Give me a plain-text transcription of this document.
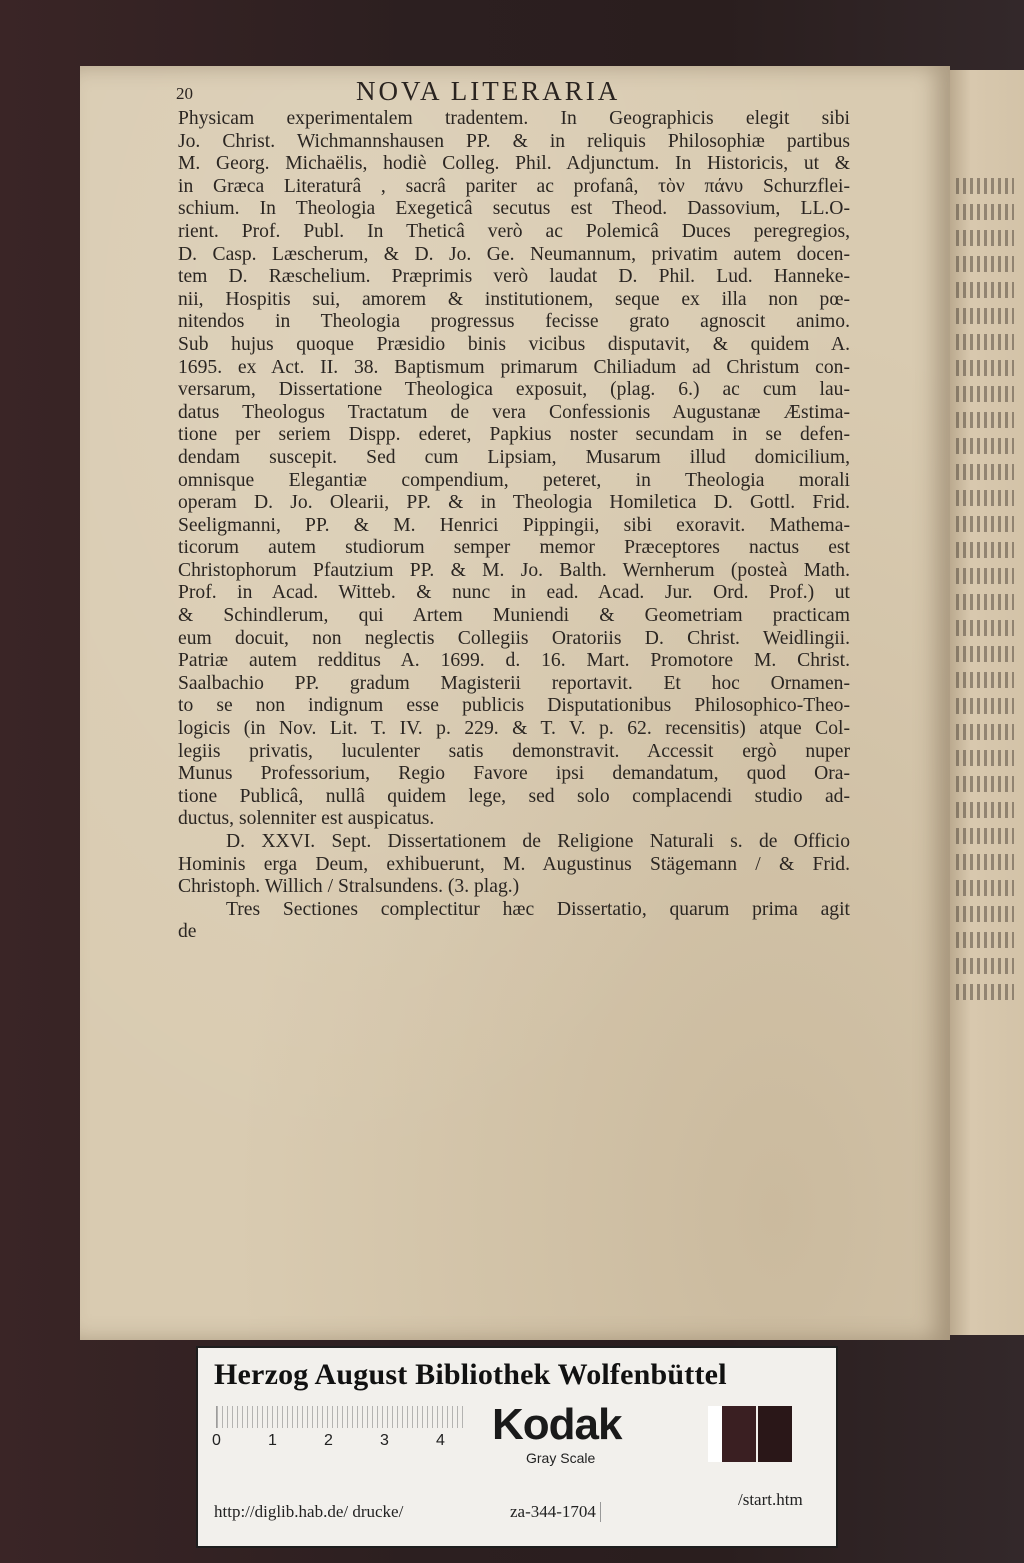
20	NOVA LITERARIA
Physicam experimentalem tradentem. In Geographicis elegit sibi
Jo. Christ. Wichmannshausen PP. & in reliquis Philosophiæ partibus
M. Georg. Michaëlis, hodiè Colleg. Phil. Adjunctum. In Historicis, ut &
in Græca Literaturâ , sacrâ pariter ac profanâ, τὸν πάνυ Schurzflei-
schium. In Theologia Exegeticâ secutus est Theod. Dassovium, LL.O-
rient. Prof. Publ. In Theticâ verò ac Polemicâ Duces peregregios,
D. Casp. Læscherum, & D. Jo. Ge. Neumannum, privatim autem docen-
tem D. Ræschelium. Præprimis verò laudat D. Phil. Lud. Hanneke-
nii, Hospitis sui, amorem & institutionem, seque ex illa non pœ-
nitendos in Theologia progressus fecisse grato agnoscit animo.
Sub hujus quoque Præsidio binis vicibus disputavit, & quidem A.
1695. ex Act. II. 38. Baptismum primarum Chiliadum ad Christum con-
versarum, Dissertatione Theologica exposuit, (plag. 6.) ac cum lau-
datus Theologus Tractatum de vera Confessionis Augustanæ Æstima-
tione per seriem Dispp. ederet, Papkius noster secundam in se defen-
dendam suscepit. Sed cum Lipsiam, Musarum illud domicilium,
omnisque Elegantiæ compendium, peteret, in Theologia morali
operam D. Jo. Olearii, PP. & in Theologia Homiletica D. Gottl. Frid.
Seeligmanni, PP. & M. Henrici Pippingii, sibi exoravit. Mathema-
ticorum autem studiorum semper memor Præceptores nactus est
Christophorum Pfautzium PP. & M. Jo. Balth. Wernherum (posteà Math.
Prof. in Acad. Witteb. & nunc in ead. Acad. Jur. Ord. Prof.) ut
& Schindlerum, qui Artem Muniendi & Geometriam practicam
eum docuit, non neglectis Collegiis Oratoriis D. Christ. Weidlingii.
Patriæ autem redditus A. 1699. d. 16. Mart. Promotore M. Christ.
Saalbachio PP. gradum Magisterii reportavit. Et hoc Ornamen-
to se non indignum esse publicis Disputationibus Philosophico-Theo-
logicis (in Nov. Lit. T. IV. p. 229. & T. V. p. 62. recensitis) atque Col-
legiis privatis, luculenter satis demonstravit. Accessit ergò nuper
Munus Professorium, Regio Favore ipsi demandatum, quod Ora-
tione Publicâ, nullâ quidem lege, sed solo complacendi studio ad-
ductus, solenniter est auspicatus.
D. XXVI. Sept. Dissertationem de Religione Naturali s. de Officio
Hominis erga Deum, exhibuerunt, M. Augustinus Stägemann / & Frid.
Christoph. Willich / Stralsundens. (3. plag.)
Tres Sectiones complectitur hæc Dissertatio, quarum prima agit
de
Herzog August Bibliothek Wolfenbüttel
0	1	2	3	4 Kodak
Gray Scale
http://diglib.hab.de/ drucke/	za-344-1704
/start.htm
